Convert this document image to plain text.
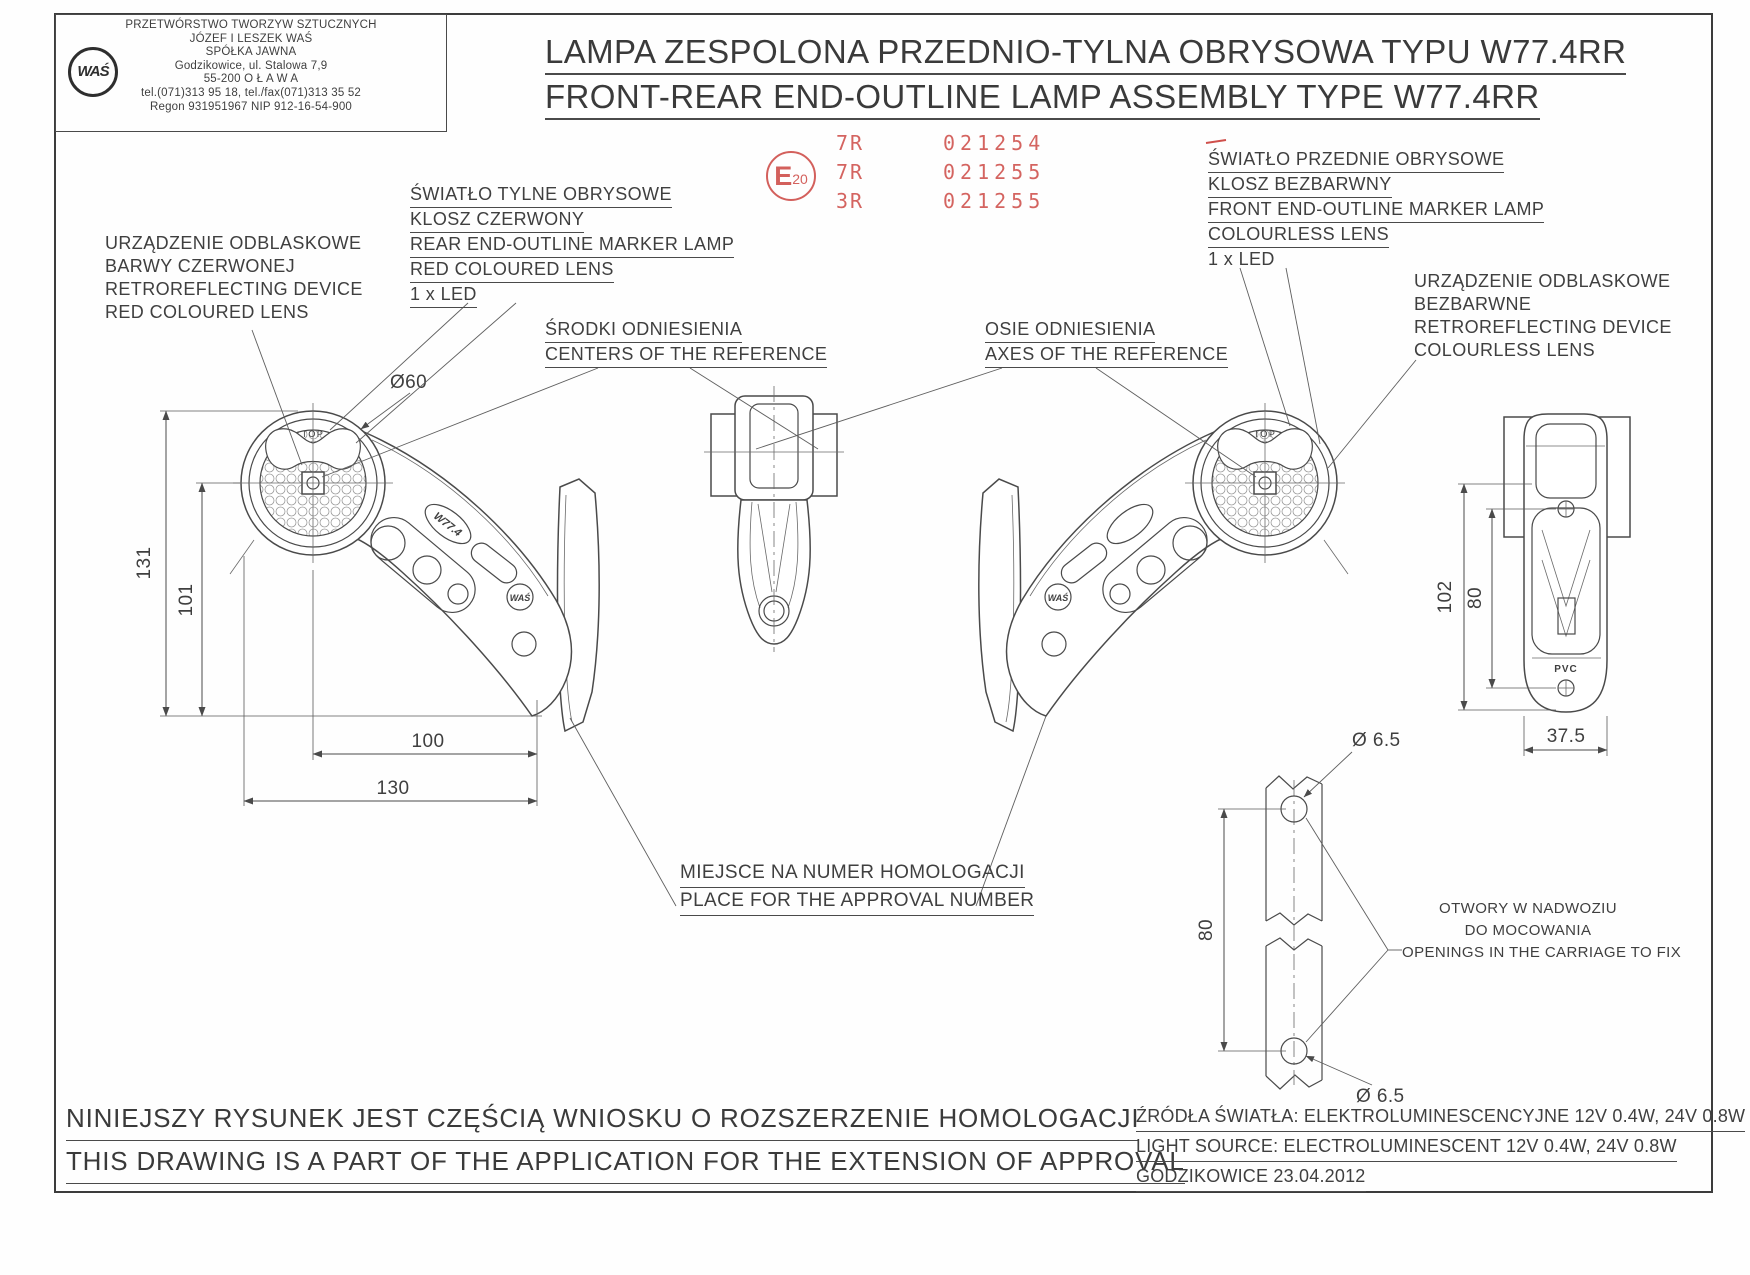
TOP
W77.4
WAŚ
TOP
WAŚ
PVC
131
101
100
130
Ø60
102 80
37.5
80
Ø 6.5
Ø 6.5
WAŚ
PRZETWÓRSTWO TWORZYW SZTUCZNYCH
JÓZEF I LESZEK WAŚ
SPÓŁKA JAWNA
Godzikowice, ul. Stalowa 7,9
55-200 O Ł A W A
tel.(071)313 95 18, tel./fax(071)313 35 52
Regon 931951967 NIP 912-16-54-900
LAMPA ZESPOLONA PRZEDNIO-TYLNA OBRYSOWA TYPU W77.4RR
FRONT-REAR END-OUTLINE LAMP ASSEMBLY TYPE W77.4RR
E 20
7R	021254
7R	021255
3R	021255
URZĄDZENIE ODBLASKOWE
BARWY CZERWONEJ
RETROREFLECTING DEVICE
RED COLOURED LENS
ŚWIATŁO TYLNE OBRYSOWE
KLOSZ CZERWONY
REAR END-OUTLINE MARKER LAMP
RED COLOURED LENS
1 x LED
ŚRODKI ODNIESIENIA
CENTERS OF THE REFERENCE
OSIE ODNIESIENIA
AXES OF THE REFERENCE
ŚWIATŁO PRZEDNIE OBRYSOWE
KLOSZ BEZBARWNY
FRONT END-OUTLINE MARKER LAMP
COLOURLESS LENS
1 x LED
URZĄDZENIE ODBLASKOWE
BEZBARWNE
RETROREFLECTING DEVICE
COLOURLESS LENS
MIEJSCE NA NUMER HOMOLOGACJI
PLACE FOR THE APPROVAL NUMBER	OTWORY W NADWOZIU
DO MOCOWANIA
OPENINGS IN THE CARRIAGE TO FIX
NINIEJSZY RYSUNEK JEST CZĘŚCIĄ WNIOSKU O ROZSZERZENIE HOMOLOGACJI
THIS DRAWING IS A PART OF THE APPLICATION FOR THE EXTENSION OF APPROVAL
ŹRÓDŁA ŚWIATŁA: ELEKTROLUMINESCENCYJNE 12V 0.4W, 24V 0.8W
LIGHT SOURCE: ELECTROLUMINESCENT 12V 0.4W, 24V 0.8W
GODZIKOWICE 23.04.2012
